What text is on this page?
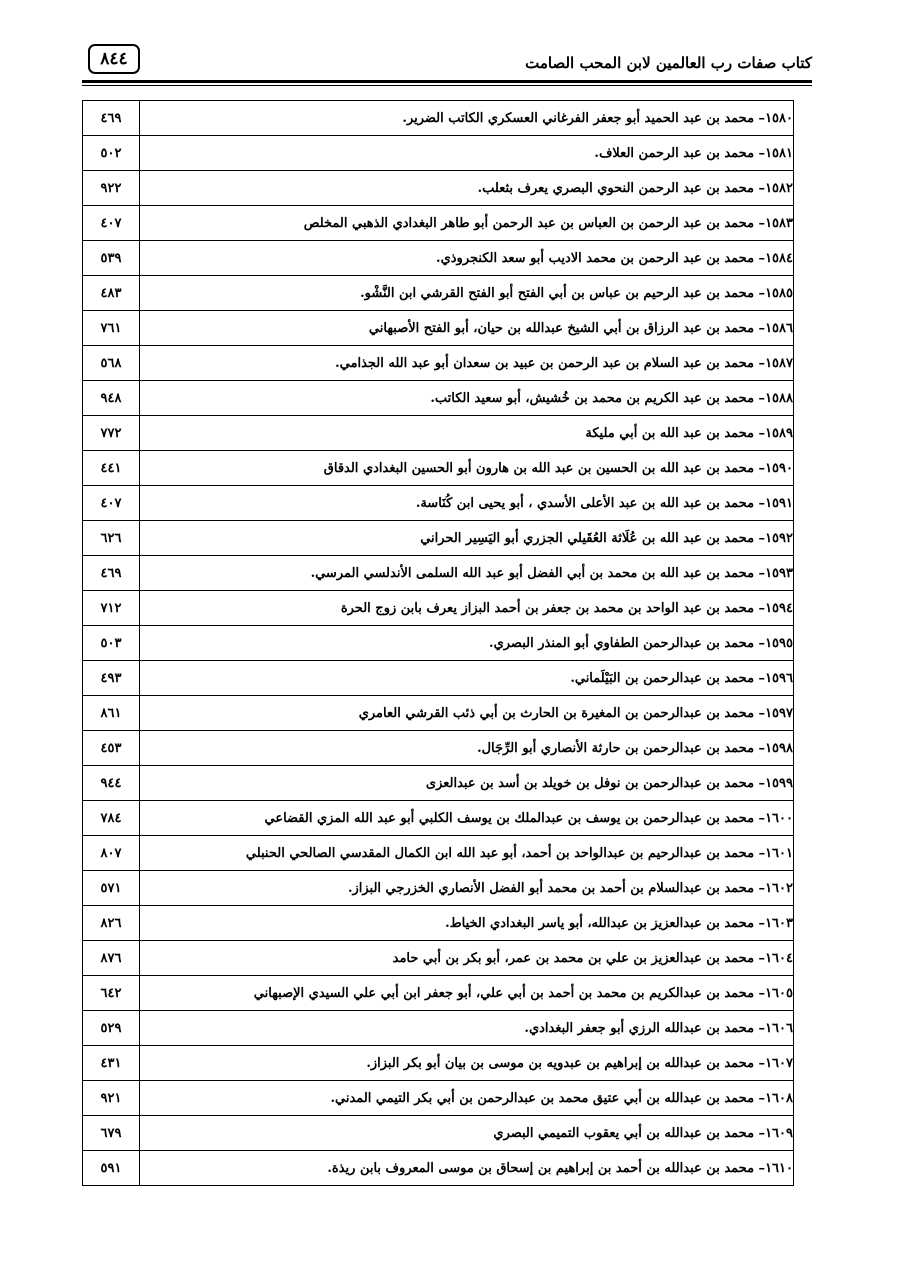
كتاب صفات رب العالمين لابن المحب الصامت
٨٤٤
١٥٨٠– محمد بن عبد الحميد أبو جعفر الفرغاني العسكري الكاتب الضرير.	٤٦٩
١٥٨١– محمد بن عبد الرحمن العلاف.	٥٠٢
١٥٨٢– محمد بن عبد الرحمن النحوي البصري يعرف بثعلب.	٩٢٢
١٥٨٣– محمد بن عبد الرحمن بن العباس بن عبد الرحمن أبو طاهر البغدادي الذهبي المخلص	٤٠٧
١٥٨٤– محمد بن عبد الرحمن بن محمد الاديب أبو سعد الكنجروذي.	٥٣٩
١٥٨٥– محمد بن عبد الرحيم بن عباس بن أبي الفتح أبو الفتح القرشي ابن النَّشْو.	٤٨٣
١٥٨٦– محمد بن عبد الرزاق بن أبي الشيخ عبدالله بن حيان، أبو الفتح الأصبهاني	٧٦١
١٥٨٧– محمد بن عبد السلام بن عبد الرحمن بن عبيد بن سعدان أبو عبد الله الجذامي.	٥٦٨
١٥٨٨– محمد بن عبد الكريم بن محمد بن خُشيش، أبو سعيد الكاتب.	٩٤٨
١٥٨٩– محمد بن عبد الله بن أبي مليكة	٧٧٢
١٥٩٠– محمد بن عبد الله بن الحسين بن عبد الله بن هارون أبو الحسين البغدادي الدقاق	٤٤١
١٥٩١– محمد بن عبد الله بن عبد الأعلى الأسدي ، أبو يحيى ابن كُنَاسة.	٤٠٧
١٥٩٢– محمد بن عبد الله بن عُلَاثة العُقَيلي الجزري أبو اليَسِير الحراني	٦٢٦
١٥٩٣– محمد بن عبد الله بن محمد بن أبي الفضل أبو عبد الله السلمى الأندلسي المرسي.	٤٦٩
١٥٩٤– محمد بن عبد الواحد بن محمد بن جعفر بن أحمد البزاز يعرف بابن زوج الحرة	٧١٢
١٥٩٥– محمد بن عبدالرحمن الطفاوي أبو المنذر البصري.	٥٠٣
١٥٩٦– محمد بن عبدالرحمن بن البَيْلَماني.	٤٩٣
١٥٩٧– محمد بن عبدالرحمن بن المغيرة بن الحارث بن أبي ذئب القرشي العامري	٨٦١
١٥٩٨– محمد بن عبدالرحمن بن حارثة الأنصاري أبو الرِّجَال.	٤٥٣
١٥٩٩– محمد بن عبدالرحمن بن نوفل بن خويلد بن أسد بن عبدالعزى	٩٤٤
١٦٠٠– محمد بن عبدالرحمن بن يوسف بن عبدالملك بن يوسف الكلبي أبو عبد الله المزي القضاعي	٧٨٤
١٦٠١– محمد بن عبدالرحيم بن عبدالواحد بن أحمد، أبو عبد الله ابن الكمال المقدسي الصالحي الحنبلي	٨٠٧
١٦٠٢– محمد بن عبدالسلام بن أحمد بن محمد أبو الفضل الأنصاري الخزرجي البزاز.	٥٧١
١٦٠٣– محمد بن عبدالعزيز بن عبدالله، أبو ياسر البغدادي الخياط.	٨٢٦
١٦٠٤– محمد بن عبدالعزيز بن علي بن محمد بن عمر، أبو بكر بن أبي حامد	٨٧٦
١٦٠٥– محمد بن عبدالكريم بن محمد بن أحمد بن أبي علي، أبو جعفر ابن أبي علي السيدي الإصبهاني	٦٤٢
١٦٠٦– محمد بن عبدالله الرزي أبو جعفر البغدادي.	٥٢٩
١٦٠٧– محمد بن عبدالله بن إبراهيم بن عبدويه بن موسى بن بيان أبو بكر البزاز.	٤٣١
١٦٠٨– محمد بن عبدالله بن أبي عتيق محمد بن عبدالرحمن بن أبي بكر التيمي المدني.	٩٢١
١٦٠٩– محمد بن عبدالله بن أبي يعقوب التميمي البصري	٦٧٩
١٦١٠– محمد بن عبدالله بن أحمد بن إبراهيم بن إسحاق بن موسى المعروف بابن ريذة.	٥٩١
